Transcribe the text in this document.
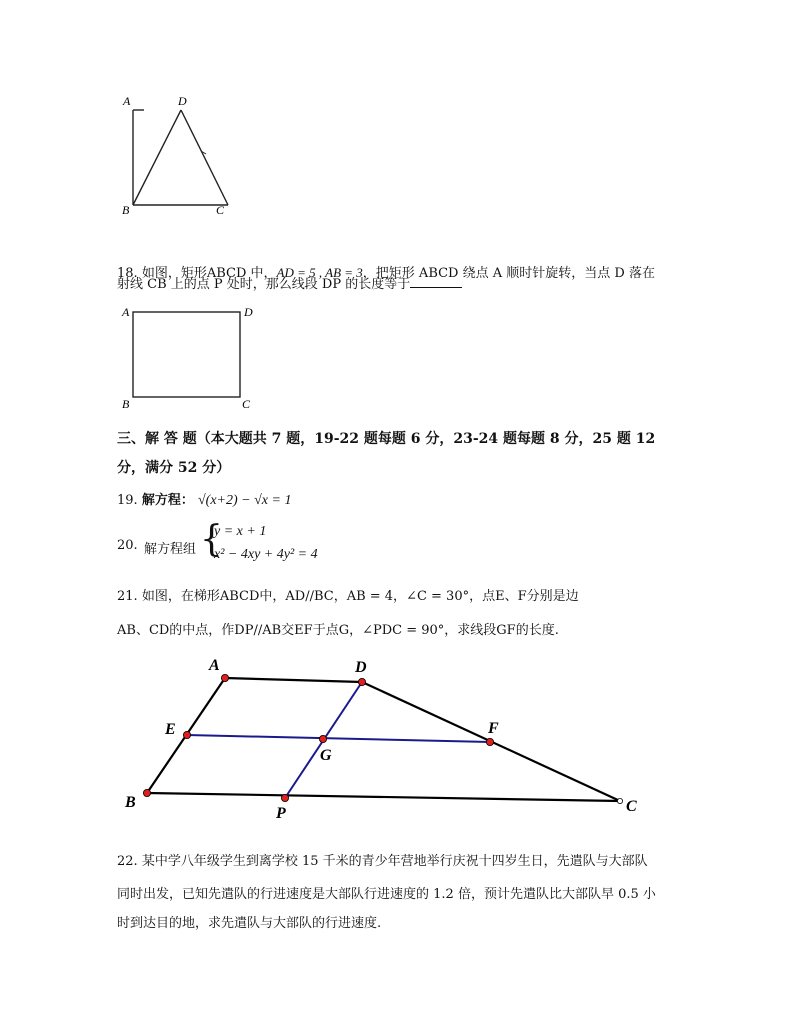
A	D
B	C
18. 如图，矩形ABCD 中，AD = 5 , AB = 3，把矩形 ABCD 绕点 A 顺时针旋转，当点 D 落在
射线 CB 上的点 P 处时，那么线段 DP 的长度等于
A	D
B	C
三、解 答 题（本大题共 7 题，19-22 题每题 6 分，23-24 题每题 8 分，25 题 12
分，满分 52 分）
19. 解方程： √(x+2) − √x = 1
20. 解方程组 {
y = x + 1
x² − 4xy + 4y² = 4
21. 如图，在梯形ABCD中，AD//BC，AB = 4，∠C = 30°，点E、F分别是边
AB、CD的中点，作DP//AB交EF于点G，∠PDC = 90°，求线段GF的长度.
A	D
E	F
G
B
P	C
22. 某中学八年级学生到离学校 15 千米的青少年营地举行庆祝十四岁生日，先遣队与大部队
同时出发，已知先遣队的行进速度是大部队行进速度的 1.2 倍，预计先遣队比大部队早 0.5 小
时到达目的地，求先遣队与大部队的行进速度.
